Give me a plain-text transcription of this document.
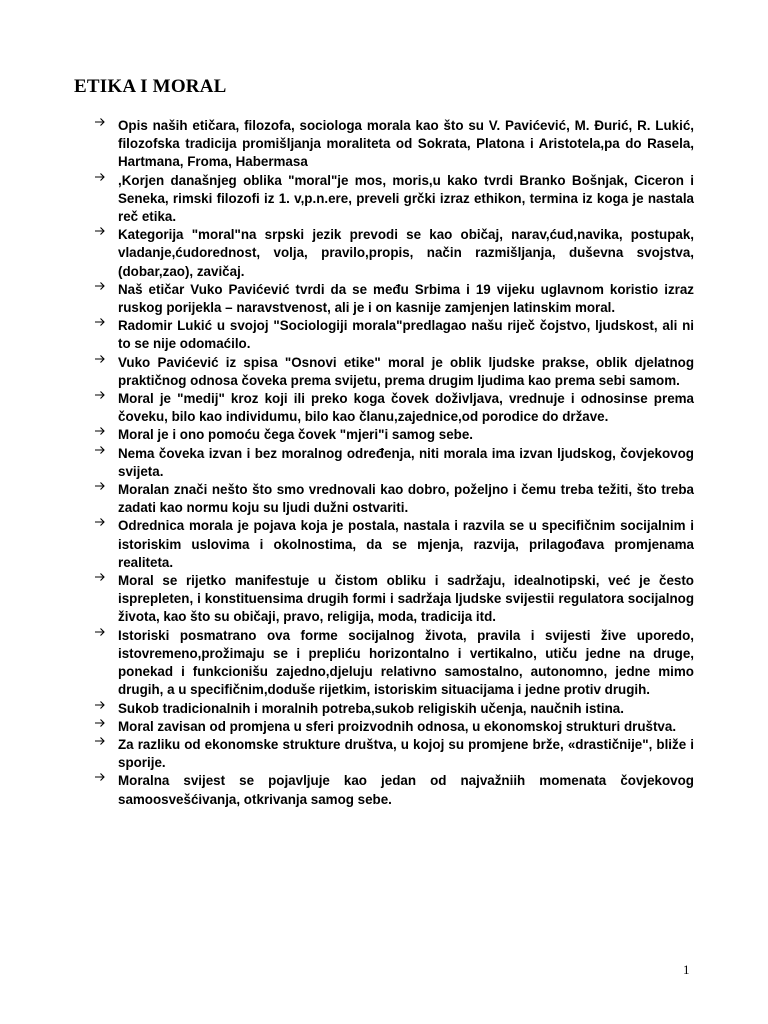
ETIKA I MORAL
Opis naših etičara, filozofa, sociologa morala kao što su V. Pavićević, M. Đurić, R. Lukić, filozofska tradicija promišljanja moraliteta od Sokrata, Platona i Aristotela,pa do Rasela, Hartmana, Froma, Habermasa
,Korjen današnjeg oblika "moral"je mos, moris,u kako tvrdi Branko Bošnjak, Ciceron i Seneka, rimski filozofi iz 1. v,p.n.ere, preveli grčki izraz ethikon, termina iz koga je nastala reč etika.
Kategorija "moral"na srpski jezik prevodi se kao običaj, narav,ćud,navika, postupak, vladanje,ćudorednost, volja, pravilo,propis, način razmišljanja, duševna svojstva,(dobar,zao), zavičaj.
Naš etičar Vuko Pavićević tvrdi da se među Srbima i 19 vijeku uglavnom koristio izraz ruskog porijekla – naravstvenost, ali je i on kasnije zamjenjen latinskim moral.
Radomir Lukić u svojoj "Sociologiji morala"predlagao našu riječ čojstvo, ljudskost, ali ni to se nije odomaćilo.
Vuko Pavićević iz spisa "Osnovi etike" moral je oblik ljudske prakse, oblik djelatnog praktičnog odnosa čoveka prema svijetu, prema drugim ljudima kao prema sebi samom.
Moral je "medij" kroz koji ili preko koga čovek doživljava, vrednuje i odnosinse prema čoveku, bilo kao individumu, bilo kao članu,zajednice,od porodice do države.
Moral je i ono pomoću čega čovek "mjeri"i samog sebe.
Nema čoveka izvan i bez moralnog određenja, niti morala ima izvan ljudskog, čovjekovog svijeta.
Moralan znači nešto što smo vrednovali kao dobro, poželjno i čemu treba težiti, što treba zadati kao normu koju su ljudi dužni ostvariti.
Odrednica morala je pojava koja je postala, nastala i razvila se u specifičnim socijalnim i istoriskim uslovima i okolnostima, da se mjenja, razvija, prilagođava promjenama realiteta.
Moral se rijetko manifestuje u čistom obliku i sadržaju, idealnotipski, već je često isprepleten, i konstituensima drugih formi i sadržaja ljudske svijestii regulatora socijalnog života, kao što su običaji, pravo, religija, moda, tradicija itd.
Istoriski posmatrano ova forme socijalnog života, pravila i svijesti žive uporedo, istovremeno,prožimaju se i prepliću horizontalno i vertikalno, utiču jedne na druge, ponekad i funkcionišu zajedno,djeluju relativno samostalno, autonomno, jedne mimo drugih, a u specifičnim,doduše rijetkim, istoriskim situacijama i jedne protiv drugih.
Sukob tradicionalnih i moralnih potreba,sukob religiskih učenja, naučnih istina.
Moral zavisan od promjena u sferi proizvodnih odnosa, u ekonomskoj strukturi društva.
Za razliku od ekonomske strukture društva, u kojoj su promjene brže, «drastičnije", bliže i sporije.
Moralna svijest se pojavljuje kao jedan od najvažniih momenata čovjekovog samoosvešćivanja, otkrivanja samog sebe.
1
